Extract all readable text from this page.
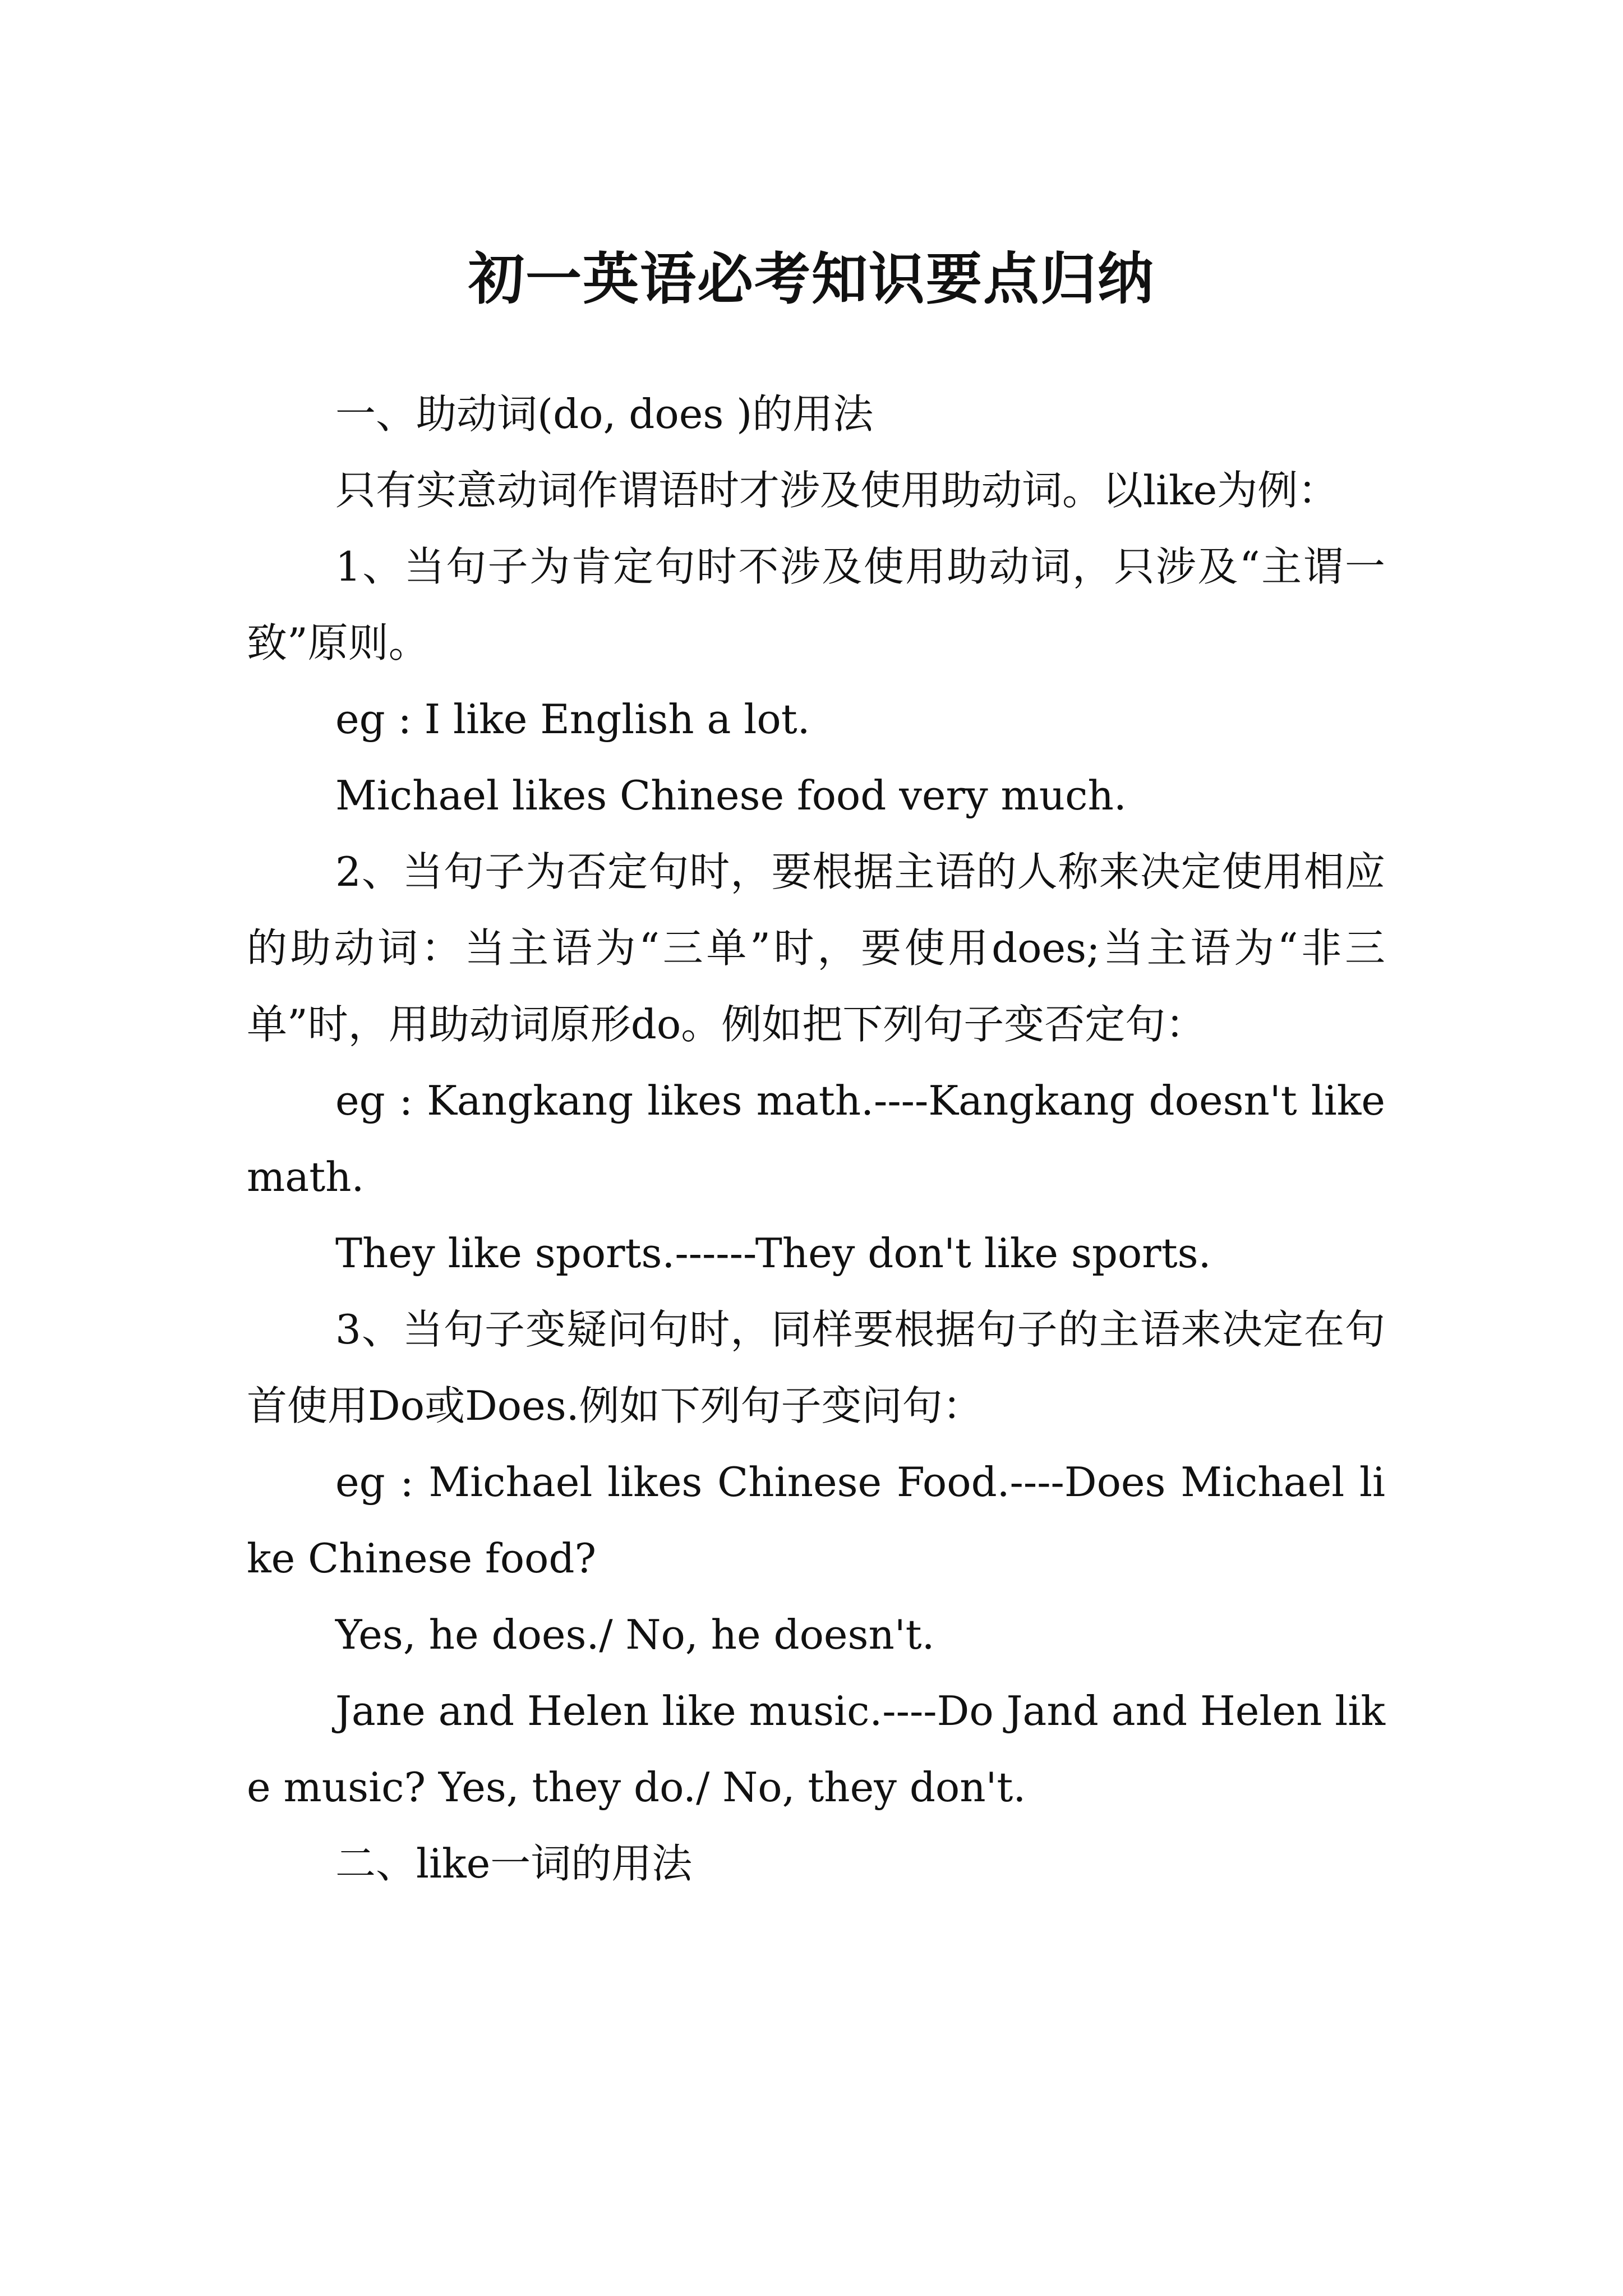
初一英语必考知识要点归纳

一、助动词(do, does )的用法

只有实意动词作谓语时才涉及使用助动词。以like为例：

1、当句子为肯定句时不涉及使用助动词，只涉及“主谓一致”原则。

eg : I like English a lot.

Michael likes Chinese food very much.

2、当句子为否定句时，要根据主语的人称来决定使用相应的助动词：当主语为“三单”时，要使用does;当主语为“非三单”时，用助动词原形do。例如把下列句子变否定句：

eg : Kangkang likes math.----Kangkang doesn't like math.

They like sports.------They don't like sports.

3、当句子变疑问句时，同样要根据句子的主语来决定在句首使用Do或Does.例如下列句子变问句：

eg : Michael likes Chinese Food.----Does Michael like Chinese food?

Yes, he does./ No, he doesn't.

Jane and Helen like music.----Do Jand and Helen like music? Yes, they do./ No, they don't.

二、like一词的用法
